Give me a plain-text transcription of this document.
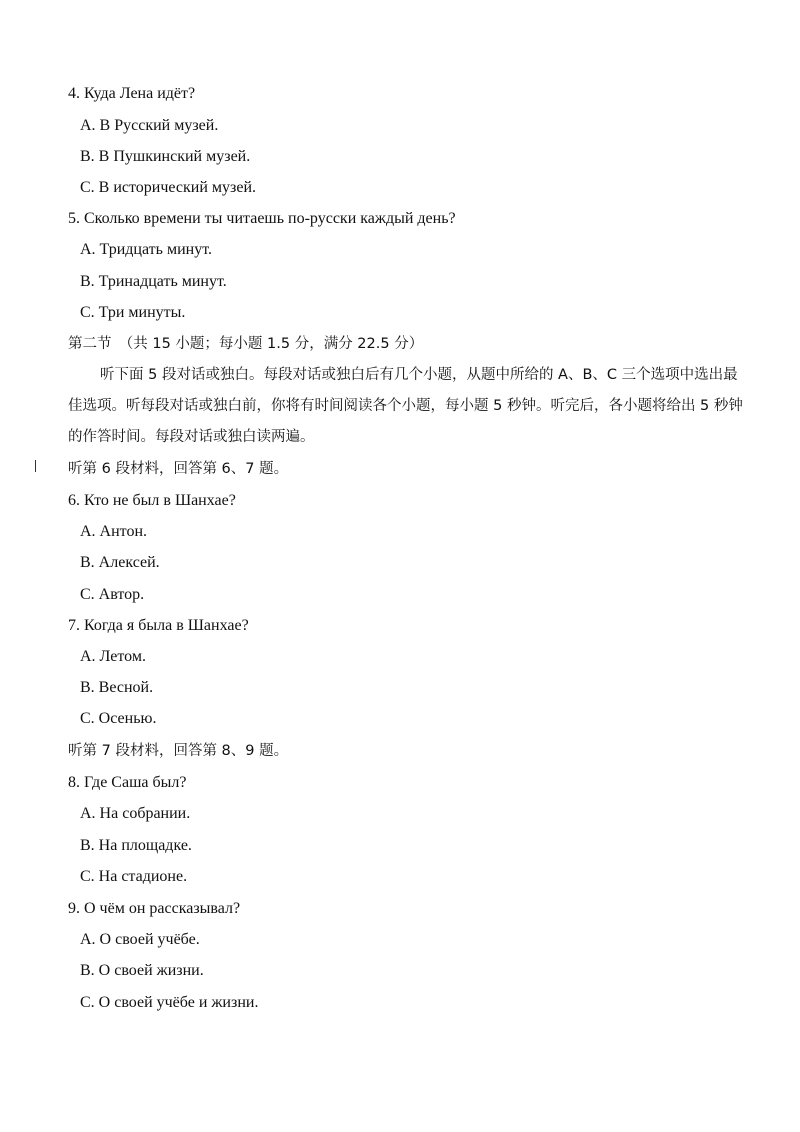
4. Куда Лена идёт?
А. В Русский музей.
В. В Пушкинский музей.
С. В исторический музей.
5. Сколько времени ты читаешь по-русски каждый день?
А. Тридцать минут.
В. Тринадцать минут.
С. Три минуты.
第二节　（共 15 小题；每小题 1.5 分，满分 22.5 分）
听下面 5 段对话或独白。每段对话或独白后有几个小题，从题中所给的 A、B、C 三个选项中选出最佳选项。听每段对话或独白前，你将有时间阅读各个小题，每小题 5 秒钟。听完后，各小题将给出 5 秒钟的作答时间。每段对话或独白读两遍。
听第 6 段材料，回答第 6、7 题。
6. Кто не был в Шанхае?
А. Антон.
В. Алексей.
С. Автор.
7. Когда я была в Шанхае?
А. Летом.
В. Весной.
С. Осенью.
听第 7 段材料，回答第 8、9 题。
8. Где Саша был?
А. На собрании.
В. На площадке.
С. На стадионе.
9. О чём он рассказывал?
А. О своей учёбе.
В. О своей жизни.
С. О своей учёбе и жизни.
